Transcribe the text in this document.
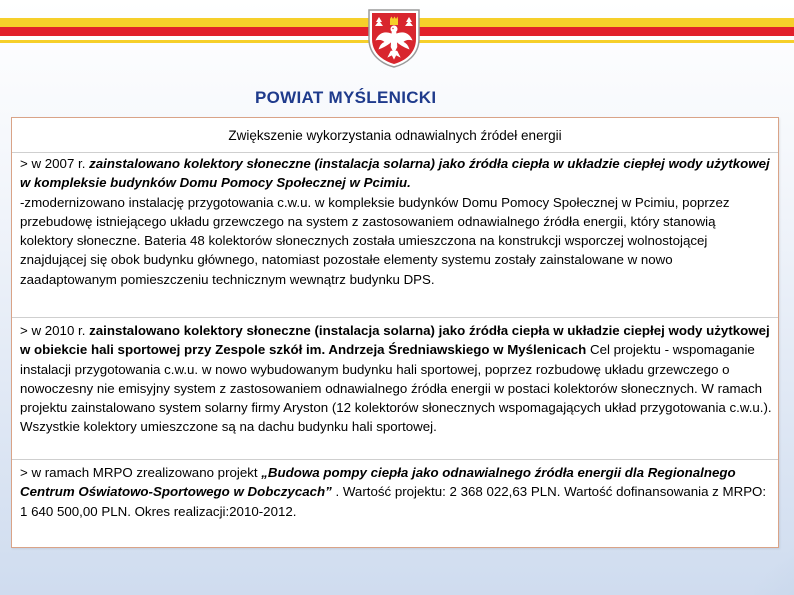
POWIAT MYŚLENICKI
Zwiększenie wykorzystania odnawialnych źródeł energii
> w 2007 r. zainstalowano kolektory słoneczne (instalacja solarna) jako źródła ciepła w układzie ciepłej wody użytkowej w kompleksie budynków Domu Pomocy Społecznej w Pcimiu.
-zmodernizowano instalację przygotowania c.w.u. w kompleksie budynków Domu Pomocy Społecznej w Pcimiu, poprzez przebudowę istniejącego układu grzewczego na system z zastosowaniem odnawialnego źródła energii, który stanowią kolektory słoneczne. Bateria 48 kolektorów słonecznych została umieszczona na konstrukcji wsporczej wolnostojącej znajdującej się obok budynku głównego, natomiast pozostałe elementy systemu zostały zainstalowane w nowo zaadaptowanym pomieszczeniu technicznym wewnątrz budynku DPS.
> w 2010 r. zainstalowano kolektory słoneczne (instalacja solarna) jako źródła ciepła w układzie ciepłej wody użytkowej w obiekcie hali sportowej przy Zespole szkół im. Andrzeja Średniawskiego w Myślenicach Cel projektu - wspomaganie instalacji przygotowania c.w.u. w nowo wybudowanym budynku hali sportowej, poprzez rozbudowę układu grzewczego o nowoczesny nie emisyjny system z zastosowaniem odnawialnego źródła energii w postaci kolektorów słonecznych. W ramach projektu zainstalowano system solarny firmy Aryston (12 kolektorów słonecznych wspomagających układ przygotowania c.w.u.). Wszystkie kolektory umieszczone są na dachu budynku hali sportowej.
> w ramach MRPO zrealizowano projekt „Budowa pompy ciepła jako odnawialnego źródła energii dla Regionalnego Centrum Oświatowo-Sportowego w Dobczycach” . Wartość projektu: 2 368 022,63 PLN. Wartość dofinansowania z MRPO: 1 640 500,00 PLN. Okres realizacji:2010-2012.
